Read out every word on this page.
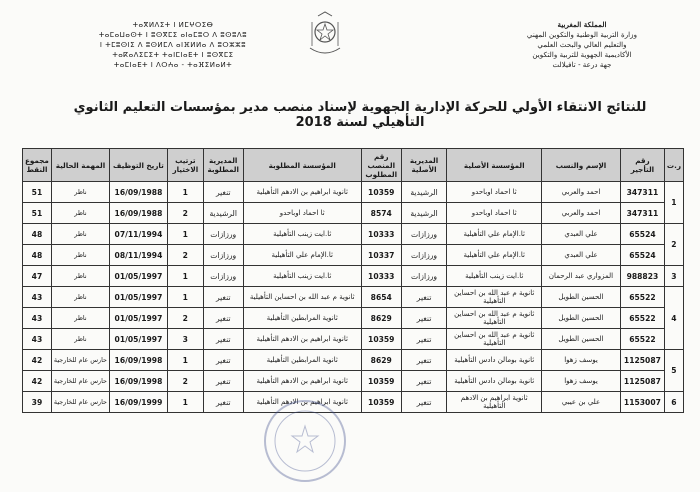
المملكة المغربية
وزارة التربية الوطنية والتكوين المهني
والتعليم العالي والبحث العلمي
الأكاديمية الجهوية للتربية والتكوين
جهة درعة - تافيلالت
ⵜⴰⴳⵍⴷⵉⵜ ⵏ ⵍⵎⵖⵔⵉⴱ
ⵜⴰⵎⴰⵡⴰⵙⵜ ⵏ ⵓⵙⴳⵎⵉ ⴰⵏⴰⵎⵓⵔ ⴷ ⵓⵙⵓⴷⵓ
ⵏ ⵜⵎⵓⵙⵏⵉ ⴷ ⵓⵙⵍⵎⴷ ⴰⵏⴼⵍⵍⴰ ⴷ ⵓⵔⵣⵣⵓ
ⵜⴰⴽⴰⴷⵉⵎⵉⵜ ⵜⴰⵏⵎⵏⴰⴹⵜ ⵏ ⵓⵙⴳⵎⵉ
ⵜⴰⵎⵏⴰⴹⵜ ⵏ ⴷⵔⵄⴰ - ⵜⴰⴼⵉⵍⴰⵍⵜ
للنتائج الانتقاء الأولي للحركة الإدارية الجهوية لإسناد منصب مدير بمؤسسات التعليم الثانوي التأهيلي لسنة 2018
ر.ت	رقم التأجير	الإسم والنسب	المؤسسة الأصلية	المديرية الأصلية	رقم المنصب المطلوب	المؤسسة المطلوبة	المديرية المطلوبة	ترتيب الاختيار	تاريخ التوظيف	المهمة الحالية	مجموع النقط
1	347311	احمد والعربي	ثا احماد اوباحدو	الرشيدية	10359	ثانوية ابراهيم بن الادهم التأهيلية	تنغير	1	16/09/1988	ناظر	51
	347311	احمد والعربي	ثا احماد اوباحدو	الرشيدية	8574	ثا احماد اوباحدو	الرشيدية	2	16/09/1988	ناظر	51
2	65524	علي العبدي	ثا.الإمام علي التأهيلية	ورزازات	10333	ثا.ايت زينب التأهيلية	ورزازات	1	07/11/1994	ناظر	48
	65524	علي العبدي	ثا.الإمام علي التأهيلية	ورزازات	10337	ثا.الإمام علي التأهيلية	ورزازات	2	08/11/1994	ناظر	48
3	988823	المزواري عبد الرحمان	ثا.ايت زينب التأهيلية	ورزازات	10333	ثا.ايت زينب التأهيلية	ورزازات	1	01/05/1997	ناظر	47
4	65522	الحسين الطويل	ثانوية م عبد الله بن احساين التأهيلية	تنغير	8654	ثانوية م عبد الله بن احساين التأهيلية	تنغير	1	01/05/1997	ناظر	43
	65522	الحسين الطويل	ثانوية م عبد الله بن احساين التأهيلية	تنغير	8629	ثانوية المرابطين التأهيلية	تنغير	2	01/05/1997	ناظر	43
	65522	الحسين الطويل	ثانوية م عبد الله بن احساين التأهيلية	تنغير	10359	ثانوية ابراهيم بن الادهم التأهيلية	تنغير	3	01/05/1997	ناظر	43
5	1125087	يوسف زهوا	ثانوية بومالن دادس التأهيلية	تنغير	8629	ثانوية المرابطين التأهيلية	تنغير	1	16/09/1998	حارس عام للخارجية	42
	1125087	يوسف زهوا	ثانوية بومالن دادس التأهيلية	تنغير	10359	ثانوية ابراهيم بن الادهم التأهيلية	تنغير	2	16/09/1998	حارس عام للخارجية	42
6	1153007	علي بن عيبي	ثانوية ابراهيم بن الادهم التأهيلية	تنغير	10359	ثانوية ابراهيم بن الادهم التأهيلية	تنغير	1	16/09/1999	حارس عام للخارجية	39
